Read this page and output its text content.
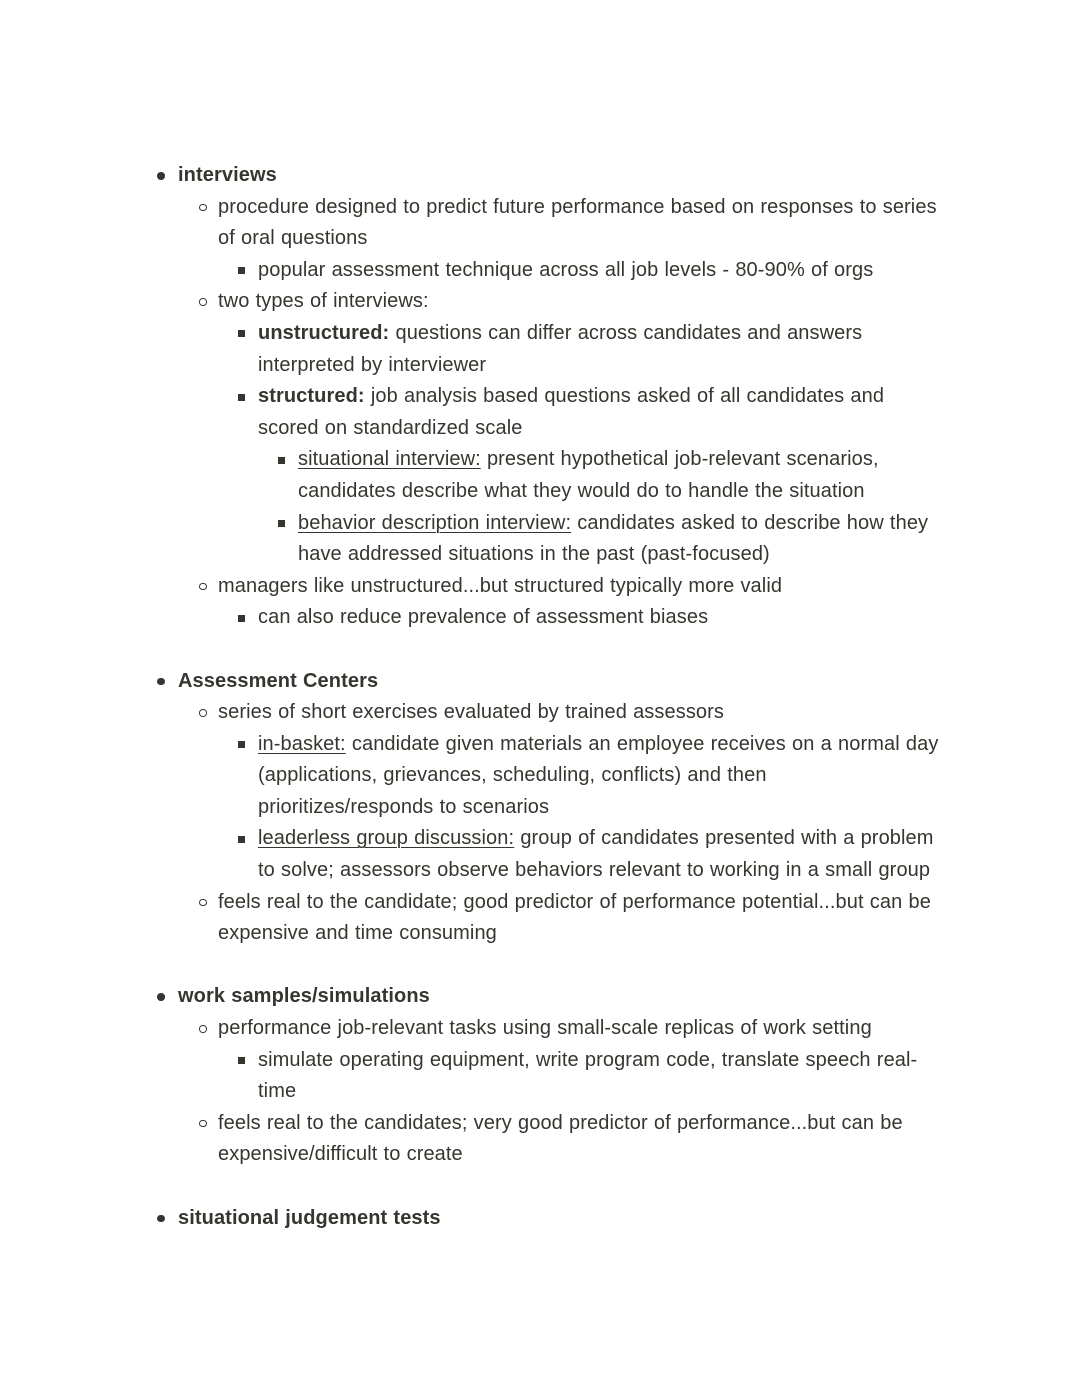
interviews
procedure designed to predict future performance based on responses to series of oral questions
popular assessment technique across all job levels - 80-90% of orgs
two types of interviews:
unstructured: questions can differ across candidates and answers interpreted by interviewer
structured: job analysis based questions asked of all candidates and scored on standardized scale
situational interview: present hypothetical job-relevant scenarios, candidates describe what they would do to handle the situation
behavior description interview: candidates asked to describe how they have addressed situations in the past (past-focused)
managers like unstructured...but structured typically more valid
can also reduce prevalence of assessment biases
Assessment Centers
series of short exercises evaluated by trained assessors
in-basket: candidate given materials an employee receives on a normal day (applications, grievances, scheduling, conflicts) and then prioritizes/responds to scenarios
leaderless group discussion: group of candidates presented with a problem to solve; assessors observe behaviors relevant to working in a small group
feels real to the candidate; good predictor of performance potential...but can be expensive and time consuming
work samples/simulations
performance job-relevant tasks using small-scale replicas of work setting
simulate operating equipment, write program code, translate speech real-time
feels real to the candidates; very good predictor of performance...but can be expensive/difficult to create
situational judgement tests
